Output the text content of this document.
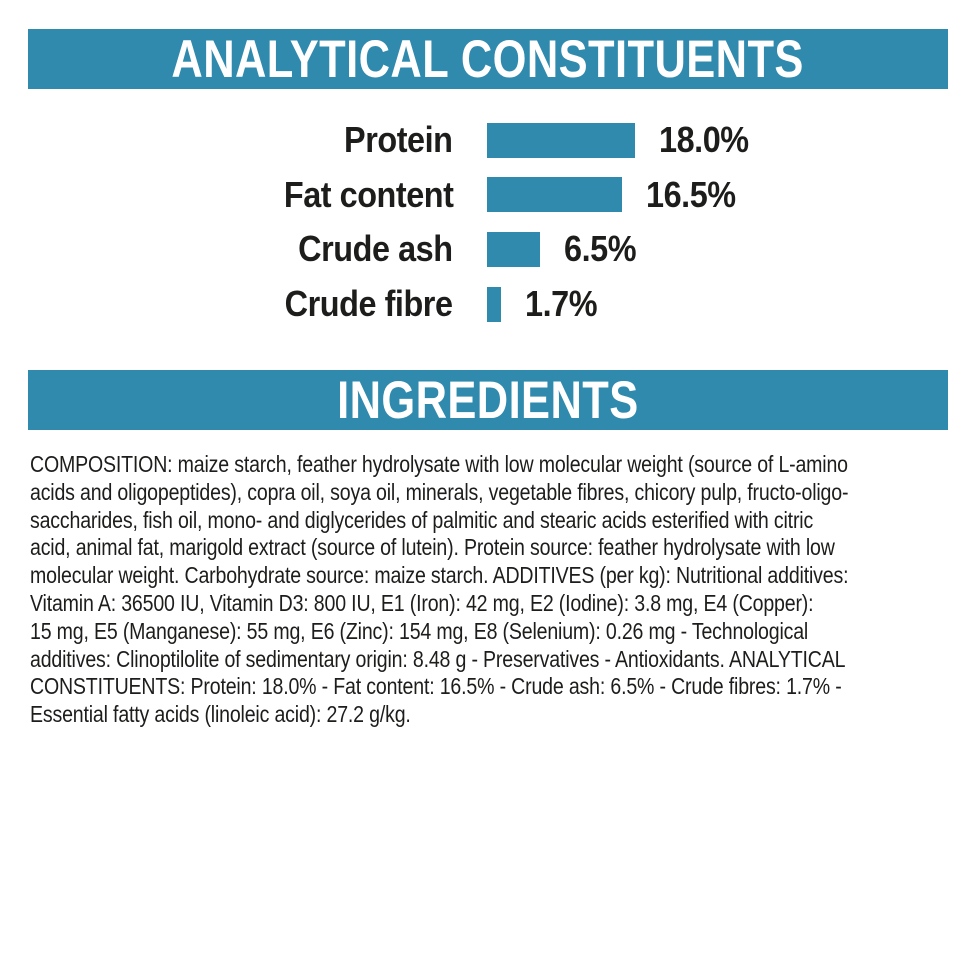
ANALYTICAL CONSTITUENTS
Protein	18.0%
Fat content	16.5%
Crude ash	6.5%
Crude fibre 1.7%
INGREDIENTS
COMPOSITION: maize starch, feather hydrolysate with low molecular weight (source of L-amino
acids and oligopeptides), copra oil, soya oil, minerals, vegetable fibres, chicory pulp, fructo-oligo-
saccharides, fish oil, mono- and diglycerides of palmitic and stearic acids esterified with citric
acid, animal fat, marigold extract (source of lutein). Protein source: feather hydrolysate with low
molecular weight. Carbohydrate source: maize starch. ADDITIVES (per kg): Nutritional additives:
Vitamin A: 36500 IU, Vitamin D3: 800 IU, E1 (Iron): 42 mg, E2 (Iodine): 3.8 mg, E4 (Copper):
15 mg, E5 (Manganese): 55 mg, E6 (Zinc): 154 mg, E8 (Selenium): 0.26 mg - Technological
additives: Clinoptilolite of sedimentary origin: 8.48 g - Preservatives - Antioxidants. ANALYTICAL
CONSTITUENTS: Protein: 18.0% - Fat content: 16.5% - Crude ash: 6.5% - Crude fibres: 1.7% -
Essential fatty acids (linoleic acid): 27.2 g/kg.
